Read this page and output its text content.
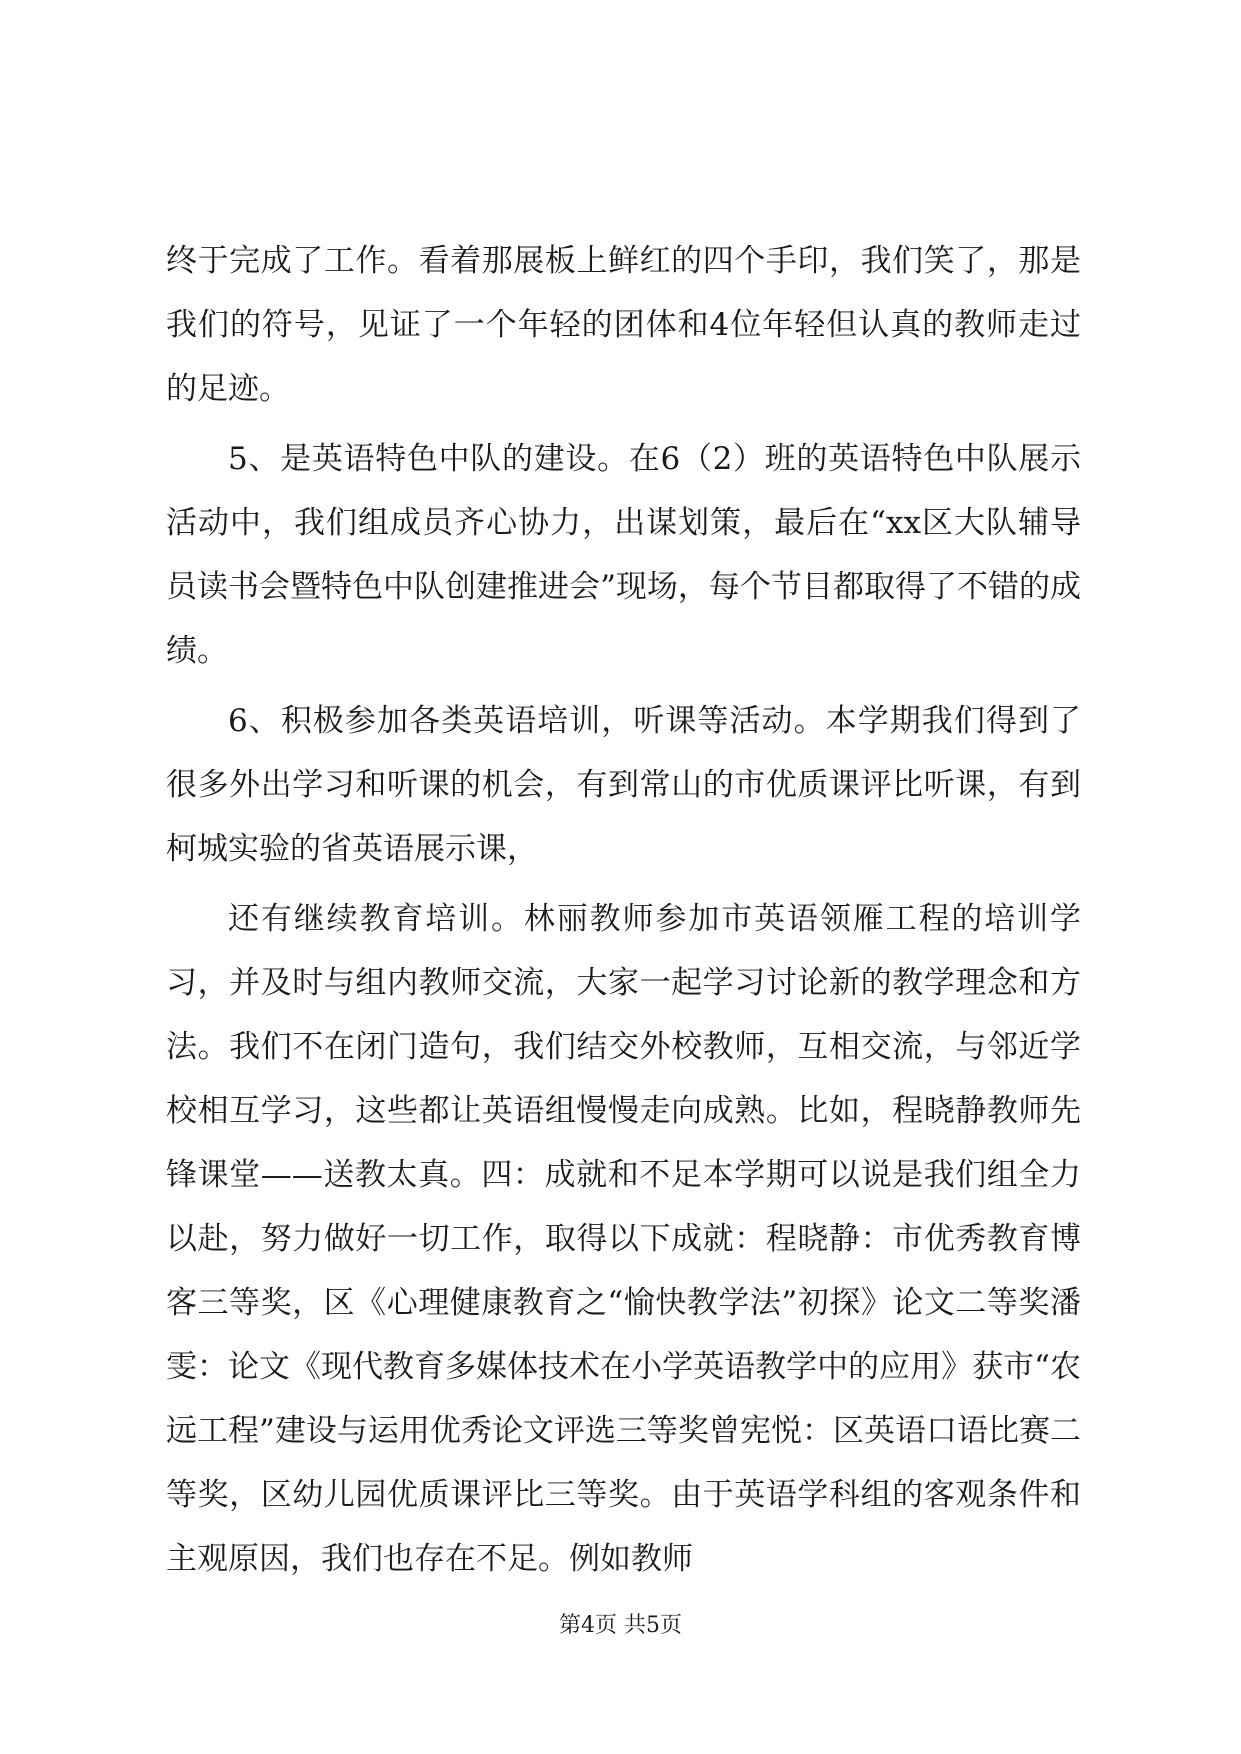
终于完成了工作。看着那展板上鲜红的四个手印，我们笑了，那是我们的符号，见证了一个年轻的团体和4位年轻但认真的教师走过的足迹。

5、是英语特色中队的建设。在6（2）班的英语特色中队展示活动中，我们组成员齐心协力，出谋划策，最后在“xx区大队辅导员读书会暨特色中队创建推进会”现场，每个节目都取得了不错的成绩。

6、积极参加各类英语培训，听课等活动。本学期我们得到了很多外出学习和听课的机会，有到常山的市优质课评比听课，有到柯城实验的省英语展示课，

还有继续教育培训。林丽教师参加市英语领雁工程的培训学习，并及时与组内教师交流，大家一起学习讨论新的教学理念和方法。我们不在闭门造句，我们结交外校教师，互相交流，与邻近学校相互学习，这些都让英语组慢慢走向成熟。比如，程晓静教师先锋课堂——送教太真。四：成就和不足本学期可以说是我们组全力以赴，努力做好一切工作，取得以下成就：程晓静：市优秀教育博客三等奖，区《心理健康教育之“愉快教学法”初探》论文二等奖潘雯：论文《现代教育多媒体技术在小学英语教学中的应用》获市“农远工程”建设与运用优秀论文评选三等奖曾宪悦：区英语口语比赛二等奖，区幼儿园优质课评比三等奖。由于英语学科组的客观条件和主观原因，我们也存在不足。例如教师

第4页 共5页
